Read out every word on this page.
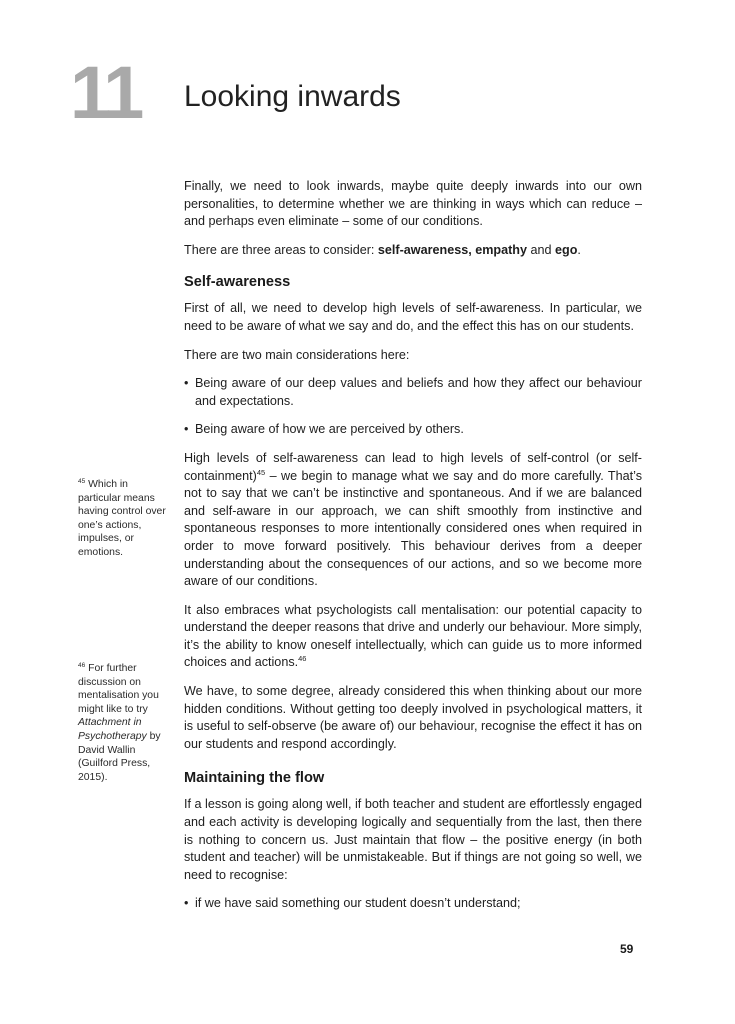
11 Looking inwards

Finally, we need to look inwards, maybe quite deeply inwards into our own personalities, to determine whether we are thinking in ways which can reduce – and perhaps even eliminate – some of our conditions.

There are three areas to consider: self-awareness, empathy and ego.

Self-awareness

First of all, we need to develop high levels of self-awareness. In particular, we need to be aware of what we say and do, and the effect this has on our students.

There are two main considerations here:

• Being aware of our deep values and beliefs and how they affect our behaviour and expectations.
• Being aware of how we are perceived by others.

High levels of self-awareness can lead to high levels of self-control (or self-containment)$^{45}$ – we begin to manage what we say and do more carefully. That’s not to say that we can’t be instinctive and spontaneous. And if we are balanced and self-aware in our approach, we can shift smoothly from instinctive and spontaneous responses to more intentionally considered ones when required in order to move forward positively. This behaviour derives from a deeper understanding about the consequences of our actions, and so we become more aware of our conditions.

It also embraces what psychologists call mentalisation: our potential capacity to understand the deeper reasons that drive and underly our behaviour. More simply, it’s the ability to know oneself intellectually, which can guide us to more informed choices and actions.$^{46}$

We have, to some degree, already considered this when thinking about our more hidden conditions. Without getting too deeply involved in psychological matters, it is useful to self-observe (be aware of) our behaviour, recognise the effect it has on our students and respond accordingly.

Maintaining the flow

If a lesson is going along well, if both teacher and student are effortlessly engaged and each activity is developing logically and sequentially from the last, then there is nothing to concern us. Just maintain that flow – the positive energy (in both student and teacher) will be unmistakeable. But if things are not going so well, we need to recognise:

• if we have said something our student doesn’t understand;
$^{45}$ Which in particular means having control over one’s actions, impulses, or emotions.
$^{46}$ For further discussion on mentalisation you might like to try Attachment in Psychotherapy by David Wallin (Guilford Press, 2015).
59
